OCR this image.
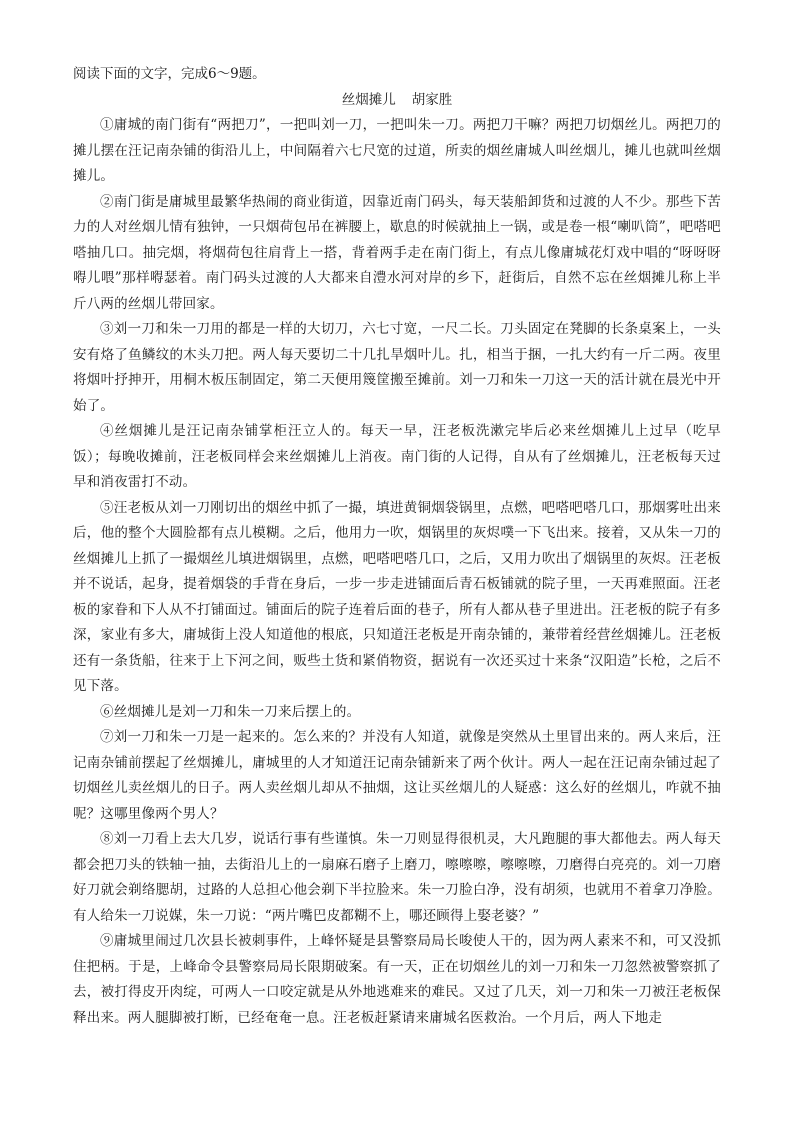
阅读下面的文字，完成6～9题。

丝烟摊儿 胡家胜

①庸城的南门街有“两把刀”，一把叫刘一刀，一把叫朱一刀。两把刀干嘛？两把刀切烟丝儿。两把刀的摊儿摆在汪记南杂铺的街沿儿上，中间隔着六七尺宽的过道，所卖的烟丝庸城人叫丝烟儿，摊儿也就叫丝烟摊儿。

②南门街是庸城里最繁华热闹的商业街道，因靠近南门码头，每天装船卸货和过渡的人不少。那些下苦力的人对丝烟儿情有独钟，一只烟荷包吊在裤腰上，歇息的时候就抽上一锅，或是卷一根“喇叭筒”，吧嗒吧嗒抽几口。抽完烟，将烟荷包往肩背上一搭，背着两手走在南门街上，有点儿像庸城花灯戏中唱的“呀呀呀嘚儿喂”那样嘚瑟着。南门码头过渡的人大都来自澧水河对岸的乡下，赶街后，自然不忘在丝烟摊儿称上半斤八两的丝烟儿带回家。

③刘一刀和朱一刀用的都是一样的大切刀，六七寸宽，一尺二长。刀头固定在凳脚的长条桌案上，一头安有烙了鱼鳞纹的木头刀把。两人每天要切二十几扎旱烟叶儿。扎，相当于捆，一扎大约有一斤二两。夜里将烟叶抒抻开，用桐木板压制固定，第二天便用篾筐搬至摊前。刘一刀和朱一刀这一天的活计就在晨光中开始了。

④丝烟摊儿是汪记南杂铺掌柜汪立人的。每天一早，汪老板洗漱完毕后必来丝烟摊儿上过早（吃早饭）；每晚收摊前，汪老板同样会来丝烟摊儿上消夜。南门街的人记得，自从有了丝烟摊儿，汪老板每天过早和消夜雷打不动。

⑤汪老板从刘一刀刚切出的烟丝中抓了一撮，填进黄铜烟袋锅里，点燃，吧嗒吧嗒几口，那烟雾吐出来后，他的整个大圆脸都有点儿模糊。之后，他用力一吹，烟锅里的灰烬噗一下飞出来。接着，又从朱一刀的丝烟摊儿上抓了一撮烟丝儿填进烟锅里，点燃，吧嗒吧嗒几口，之后，又用力吹出了烟锅里的灰烬。汪老板并不说话，起身，提着烟袋的手背在身后，一步一步走进铺面后青石板铺就的院子里，一天再难照面。汪老板的家眷和下人从不打铺面过。铺面后的院子连着后面的巷子，所有人都从巷子里进出。汪老板的院子有多深，家业有多大，庸城街上没人知道他的根底，只知道汪老板是开南杂铺的，兼带着经营丝烟摊儿。汪老板还有一条货船，往来于上下河之间，贩些土货和紧俏物资，据说有一次还买过十来条“汉阳造”长枪，之后不见下落。

⑥丝烟摊儿是刘一刀和朱一刀来后摆上的。

⑦刘一刀和朱一刀是一起来的。怎么来的？并没有人知道，就像是突然从土里冒出来的。两人来后，汪记南杂铺前摆起了丝烟摊儿，庸城里的人才知道汪记南杂铺新来了两个伙计。两人一起在汪记南杂铺过起了切烟丝儿卖丝烟儿的日子。两人卖丝烟儿却从不抽烟，这让买丝烟儿的人疑惑：这么好的丝烟儿，咋就不抽呢？这哪里像两个男人？

⑧刘一刀看上去大几岁，说话行事有些谨慎。朱一刀则显得很机灵，大凡跑腿的事大都他去。两人每天都会把刀头的铁轴一抽，去街沿儿上的一扇麻石磨子上磨刀，嚓嚓嚓，嚓嚓嚓，刀磨得白亮亮的。刘一刀磨好刀就会剃络腮胡，过路的人总担心他会剃下半拉脸来。朱一刀脸白净，没有胡须，也就用不着拿刀净脸。有人给朱一刀说媒，朱一刀说：“两片嘴巴皮都糊不上，哪还顾得上娶老婆？”

⑨庸城里闹过几次县长被刺事件，上峰怀疑是县警察局局长唆使人干的，因为两人素来不和，可又没抓住把柄。于是，上峰命令县警察局局长限期破案。有一天，正在切烟丝儿的刘一刀和朱一刀忽然被警察抓了去，被打得皮开肉绽，可两人一口咬定就是从外地逃难来的难民。又过了几天，刘一刀和朱一刀被汪老板保释出来。两人腿脚被打断，已经奄奄一息。汪老板赶紧请来庸城名医救治。一个月后，两人下地走
